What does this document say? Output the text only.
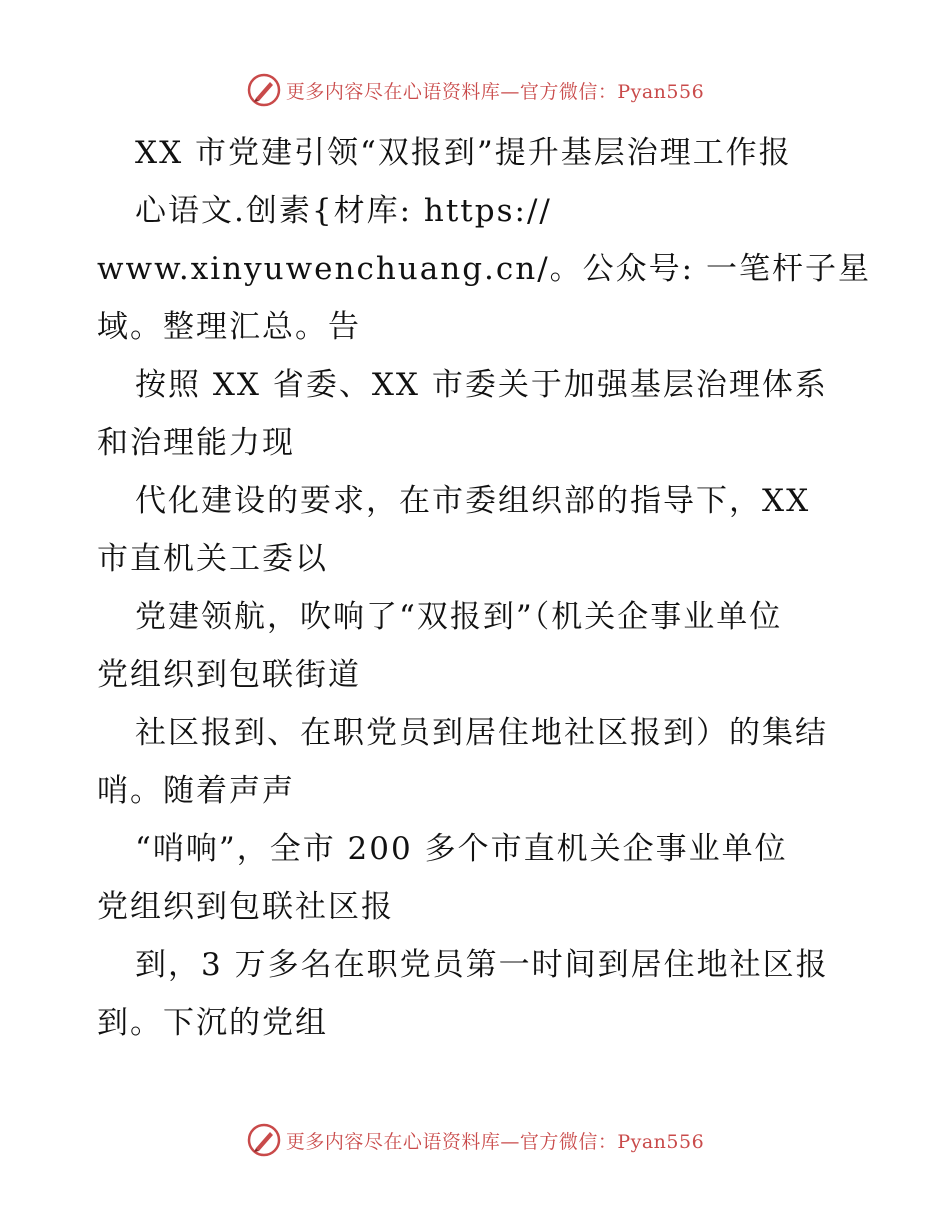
更多内容尽在心语资料库—官方微信：Pyan556
XX 市党建引领“双报到”提升基层治理工作报
心语文.创素{材库: https://
www.xinyuwenchuang.cn/。公众号: 一笔杆子星
域。整理汇总。告
按照 XX 省委、XX 市委关于加强基层治理体系
和治理能力现
代化建设的要求，在市委组织部的指导下，XX
市直机关工委以
党建领航，吹响了“双报到”（机关企事业单位
党组织到包联街道
社区报到、在职党员到居住地社区报到）的集结
哨。随着声声
“哨响”，全市 200 多个市直机关企事业单位
党组织到包联社区报
到，3 万多名在职党员第一时间到居住地社区报
到。下沉的党组
更多内容尽在心语资料库—官方微信：Pyan556
